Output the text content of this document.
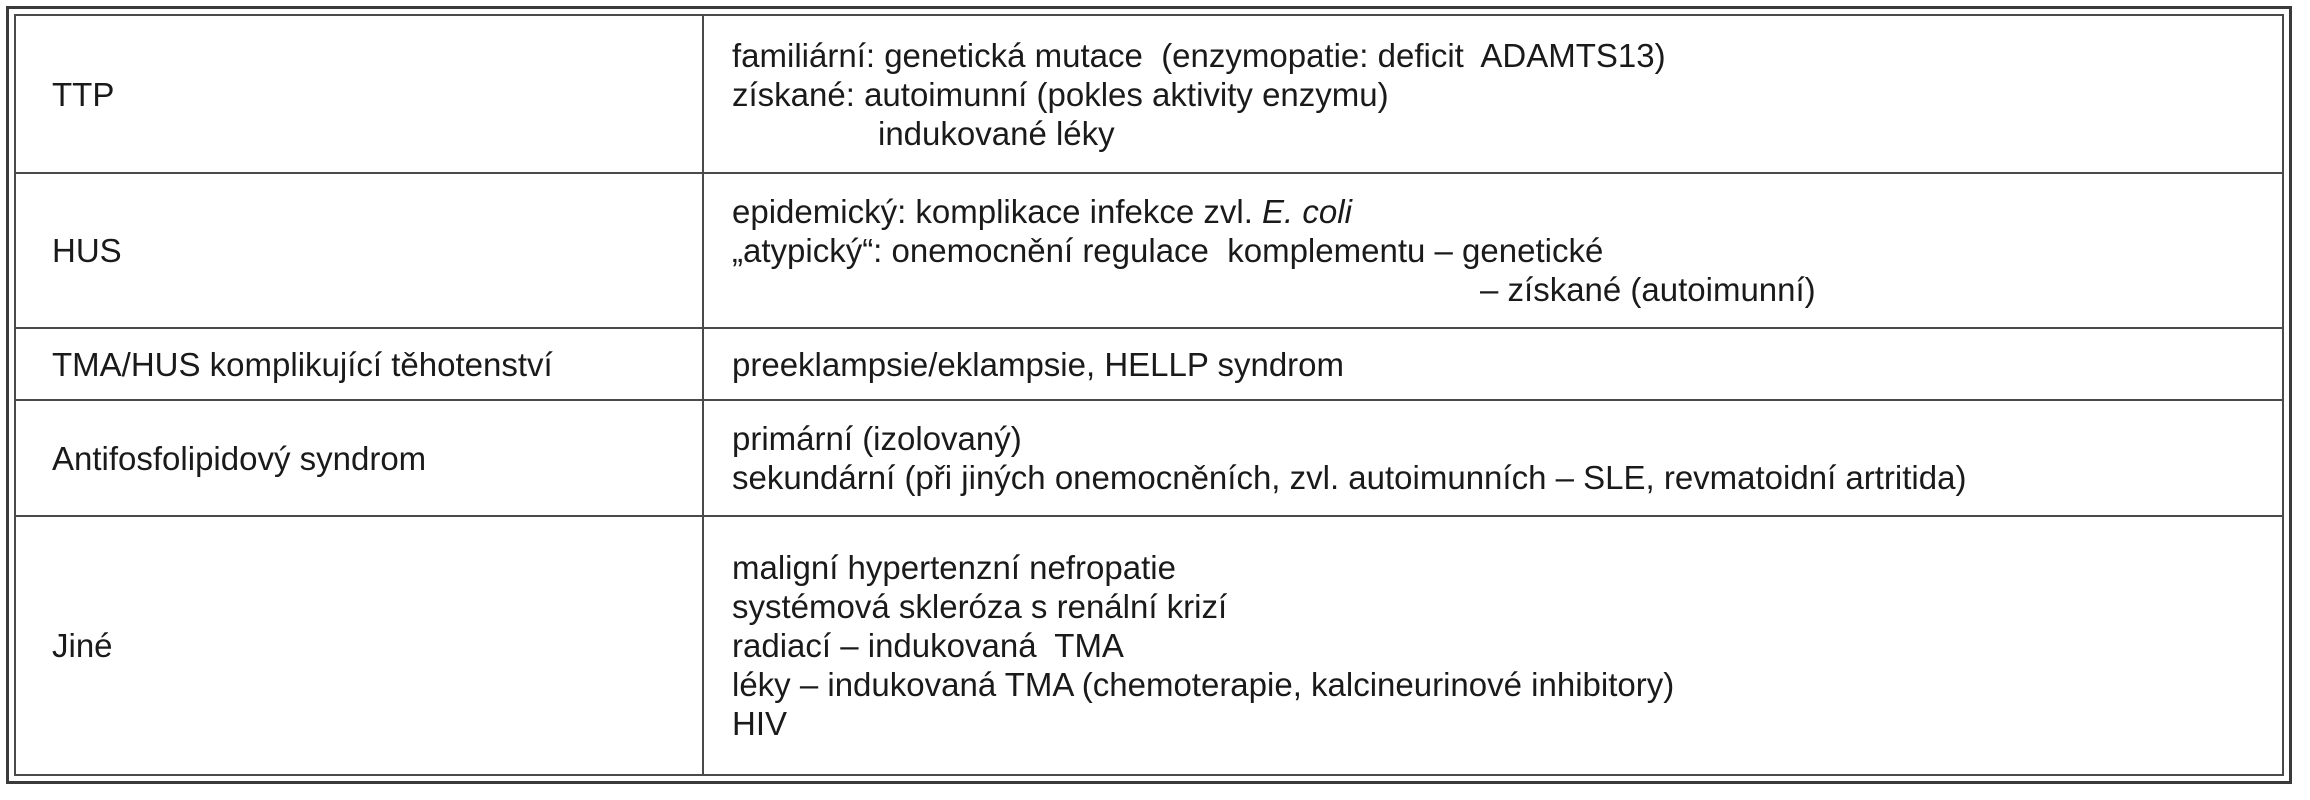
TTP	familiární: genetická mutace  (enzymopatie: deficit  ADAMTS13)
získané: autoimunní (pokles aktivity enzymu)
indukované léky

HUS	epidemický: komplikace infekce zvl. E. coli
„atypický“: onemocnění regulace  komplementu – genetické
– získané (autoimunní)

TMA/HUS komplikující těhotenství	preeklampsie/eklampsie, HELLP syndrom

Antifosfolipidový syndrom	primární (izolovaný)
sekundární (při jiných onemocněních, zvl. autoimunních – SLE, revmatoidní artritida)

Jiné	maligní hypertenzní nefropatie
systémová skleróza s renální krizí
radiací – indukovaná  TMA
léky – indukovaná TMA (chemoterapie, kalcineurinové inhibitory)
HIV
